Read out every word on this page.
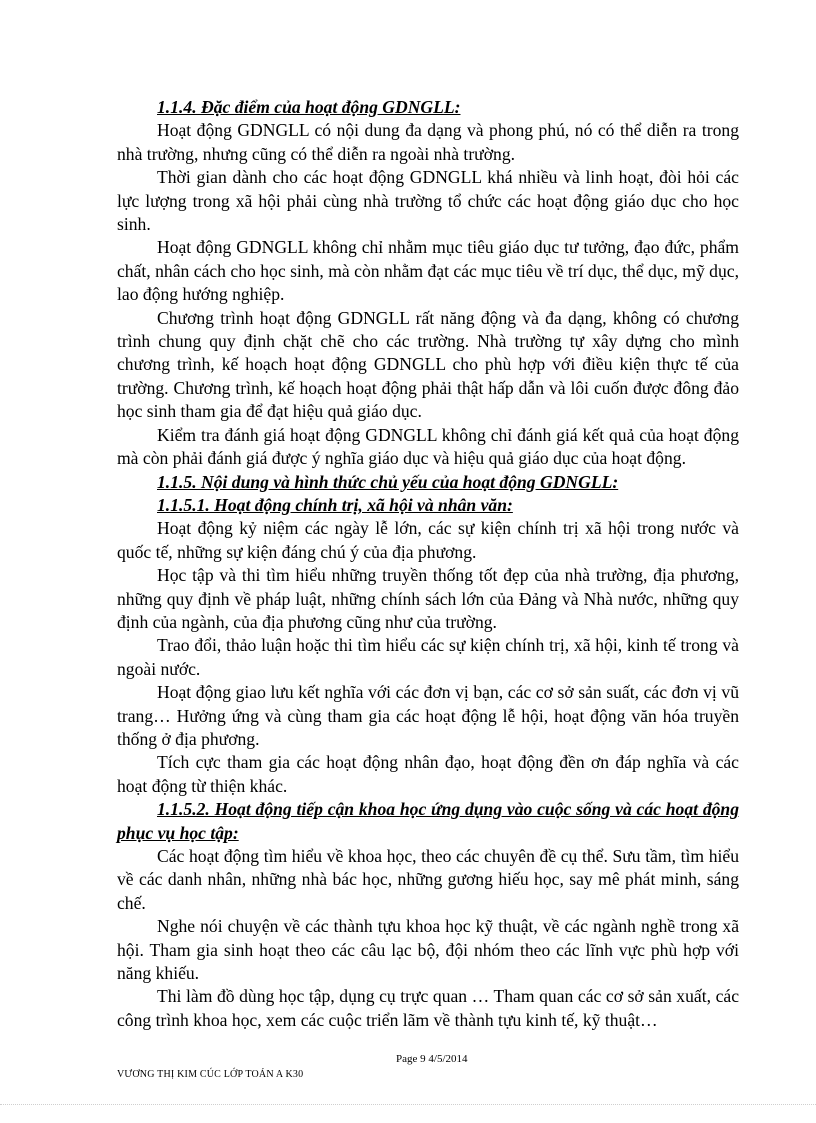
1.1.4. Đặc điểm của hoạt động GDNGLL:

Hoạt động GDNGLL có nội dung đa dạng và phong phú, nó có thể diễn ra trong nhà trường, nhưng cũng có thể diễn ra ngoài nhà trường.

Thời gian dành cho các hoạt động GDNGLL khá nhiều và linh hoạt, đòi hỏi các lực lượng trong xã hội phải cùng nhà trường tổ chức các hoạt động giáo dục cho học sinh.

Hoạt động GDNGLL không chỉ nhằm mục tiêu giáo dục tư tưởng, đạo đức, phẩm chất, nhân cách cho học sinh, mà còn nhằm đạt các mục tiêu về trí dục, thể dục, mỹ dục, lao động hướng nghiệp.

Chương trình hoạt động GDNGLL rất năng động và đa dạng, không có chương trình chung quy định chặt chẽ cho các trường. Nhà trường tự xây dựng cho mình chương trình, kế hoạch hoạt động GDNGLL cho phù hợp với điều kiện thực tế của trường. Chương trình, kế hoạch hoạt động phải thật hấp dẫn và lôi cuốn được đông đảo học sinh tham gia để đạt hiệu quả giáo dục.

Kiểm tra đánh giá hoạt động GDNGLL không chỉ đánh giá kết quả của hoạt động mà còn phải đánh giá được ý nghĩa giáo dục và hiệu quả giáo dục của hoạt động.

1.1.5. Nội dung và hình thức chủ yếu của hoạt động GDNGLL:

1.1.5.1. Hoạt động chính trị, xã hội và nhân văn:

Hoạt động kỷ niệm các ngày lễ lớn, các sự kiện chính trị xã hội trong nước và quốc tế, những sự kiện đáng chú ý của địa phương.

Học tập và thi tìm hiểu những truyền thống tốt đẹp của nhà trường, địa phương, những quy định về pháp luật, những chính sách lớn của Đảng và Nhà nước, những quy định của ngành, của địa phương cũng như của trường.

Trao đổi, thảo luận hoặc thi tìm hiểu các sự kiện chính trị, xã hội, kinh tế trong và ngoài nước.

Hoạt động giao lưu kết nghĩa với các đơn vị bạn, các cơ sở sản suất, các đơn vị vũ trang… Hưởng ứng và cùng tham gia các hoạt động lễ hội, hoạt động văn hóa truyền thống ở địa phương.

Tích cực tham gia các hoạt động nhân đạo, hoạt động đền ơn đáp nghĩa và các hoạt động từ thiện khác.

1.1.5.2. Hoạt động tiếp cận khoa học ứng dụng vào cuộc sống và các hoạt động phục vụ học tập:

Các hoạt động tìm hiểu về khoa học, theo các chuyên đề cụ thể. Sưu tầm, tìm hiểu về các danh nhân, những nhà bác học, những gương hiếu học, say mê phát minh, sáng chế.

Nghe nói chuyện về các thành tựu khoa học kỹ thuật, về các ngành nghề trong xã hội. Tham gia sinh hoạt theo các câu lạc bộ, đội nhóm theo các lĩnh vực phù hợp với năng khiếu.

Thi làm đồ dùng học tập, dụng cụ trực quan … Tham quan các cơ sở sản xuất, các công trình khoa học, xem các cuộc triển lãm về thành tựu kinh tế, kỹ thuật…

Page 9 4/5/2014
VƯƠNG THỊ KIM CÚC LỚP TOÁN A K30
